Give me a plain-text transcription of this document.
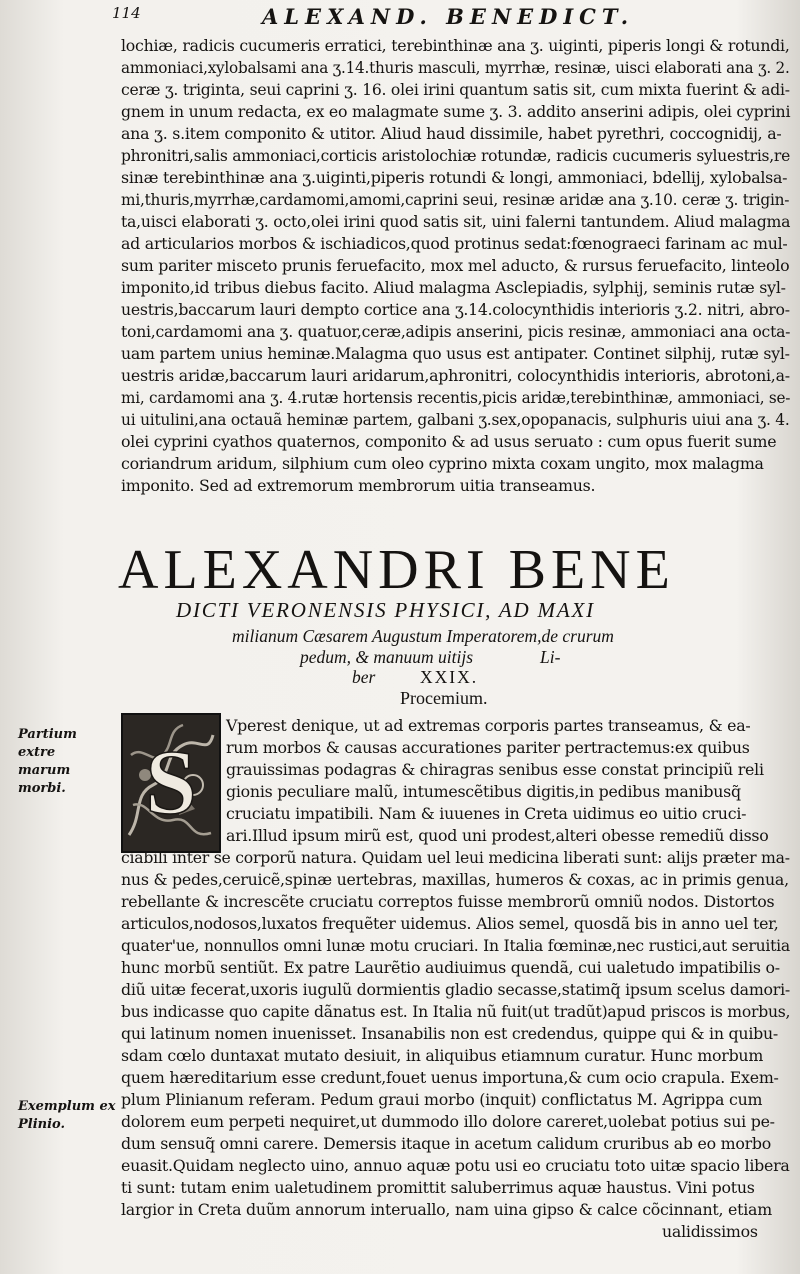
114	ALEXAND. BENEDICT.
lochiæ, radicis cucumeris erratici, terebinthinæ ana ʒ. uiginti, piperis longi & rotundi,
ammoniaci,xylobalsami ana ʒ.14.thuris masculi, myrrhæ, resinæ, uisci elaborati ana ʒ. 2.
ceræ ʒ. triginta, seui caprini ʒ. 16. olei irini quantum satis sit, cum mixta fuerint & adi-
gnem in unum redacta, ex eo malagmate sume ʒ. 3. addito anserini adipis, olei cyprini
ana ʒ. s.item componito & utitor. Aliud haud dissimile, habet pyrethri, coccognidij, a-
phronitri,salis ammoniaci,corticis aristolochiæ rotundæ, radicis cucumeris syluestris,re
sinæ terebinthinæ ana ʒ.uiginti,piperis rotundi & longi, ammoniaci, bdellij, xylobalsa-
mi,thuris,myrrhæ,cardamomi,amomi,caprini seui, resinæ aridæ ana ʒ.10. ceræ ʒ. trigin-
ta,uisci elaborati ʒ. octo,olei irini quod satis sit, uini falerni tantundem. Aliud malagma
ad articularios morbos & ischiadicos,quod protinus sedat:fœnograeci farinam ac mul-
sum pariter misceto prunis feruefacito, mox mel aducto, & rursus feruefacito, linteolo
imponito,id tribus diebus facito. Aliud malagma Asclepiadis, sylphij, seminis rutæ syl-
uestris,baccarum lauri dempto cortice ana ʒ.14.colocynthidis interioris ʒ.2. nitri, abro-
toni,cardamomi ana ʒ. quatuor,ceræ,adipis anserini, picis resinæ, ammoniaci ana octa-
uam partem unius heminæ.Malagma quo usus est antipater. Continet silphij, rutæ syl-
uestris aridæ,baccarum lauri aridarum,aphronitri, colocynthidis interioris, abrotoni,a-
mi, cardamomi ana ʒ. 4.rutæ hortensis recentis,picis aridæ,terebinthinæ, ammoniaci, se-
ui uitulini,ana octauã heminæ partem, galbani ʒ.sex,opopanacis, sulphuris uiui ana ʒ. 4.
olei cyprini cyathos quaternos, componito & ad usus seruato : cum opus fuerit sume
coriandrum aridum, silphium cum oleo cyprino mixta coxam ungito, mox malagma
imponito. Sed ad extremorum membrorum uitia transeamus.
ALEXANDRI BENE
DICTI VERONENSIS PHYSICI, AD MAXI
milianum Cæsarem Augustum Imperatorem,de crurum
pedum, & manuum uitijs	Li-
ber	XXIX.
Procemium.
Partium extre
marum morbi.
Exemplum ex
Plinio.
S
Vperest denique, ut ad extremas corporis partes transeamus, & ea-
rum morbos & causas accurationes pariter pertractemus:ex quibus
grauissimas podagras & chiragras senibus esse constat principiũ reli
gionis peculiare malũ, intumescẽtibus digitis,in pedibus manibusq̃
cruciatu impatibili. Nam & iuuenes in Creta uidimus eo uitio cruci-
ari.Illud ipsum mirũ est, quod uni prodest,alteri obesse remediũ disso
ciabili inter se corporũ natura. Quidam uel leui medicina liberati sunt: alijs præter ma-
nus & pedes,ceruicẽ,spinæ uertebras, maxillas, humeros & coxas, ac in primis genua,
rebellante & increscẽte cruciatu correptos fuisse membrorũ omniũ nodos. Distortos
articulos,nodosos,luxatos frequẽter uidemus. Alios semel, quosdã bis in anno uel ter,
quater'ue, nonnullos omni lunæ motu cruciari. In Italia fœminæ,nec rustici,aut seruitia
hunc morbũ sentiũt. Ex patre Laurẽtio audiuimus quendã, cui ualetudo impatibilis o-
diũ uitæ fecerat,uxoris iugulũ dormientis gladio secasse,statimq̃ ipsum scelus damori-
bus indicasse quo capite dãnatus est. In Italia nũ fuit(ut tradũt)apud priscos is morbus,
qui latinum nomen inuenisset. Insanabilis non est credendus, quippe qui & in quibu-
sdam cœlo duntaxat mutato desiuit, in aliquibus etiamnum curatur. Hunc morbum
quem hæreditarium esse credunt,fouet uenus importuna,& cum ocio crapula. Exem-
plum Plinianum referam. Pedum graui morbo (inquit) conflictatus M. Agrippa cum
dolorem eum perpeti nequiret,ut dummodo illo dolore careret,uolebat potius sui pe-
dum sensuq̃ omni carere. Demersis itaque in acetum calidum cruribus ab eo morbo
euasit.Quidam neglecto uino, annuo aquæ potu usi eo cruciatu toto uitæ spacio libera
ti sunt: tutam enim ualetudinem promittit saluberrimus aquæ haustus. Vini potus
largior in Creta duũm annorum interuallo, nam uina gipso & calce cõcinnant, etiam
ualidissimos
